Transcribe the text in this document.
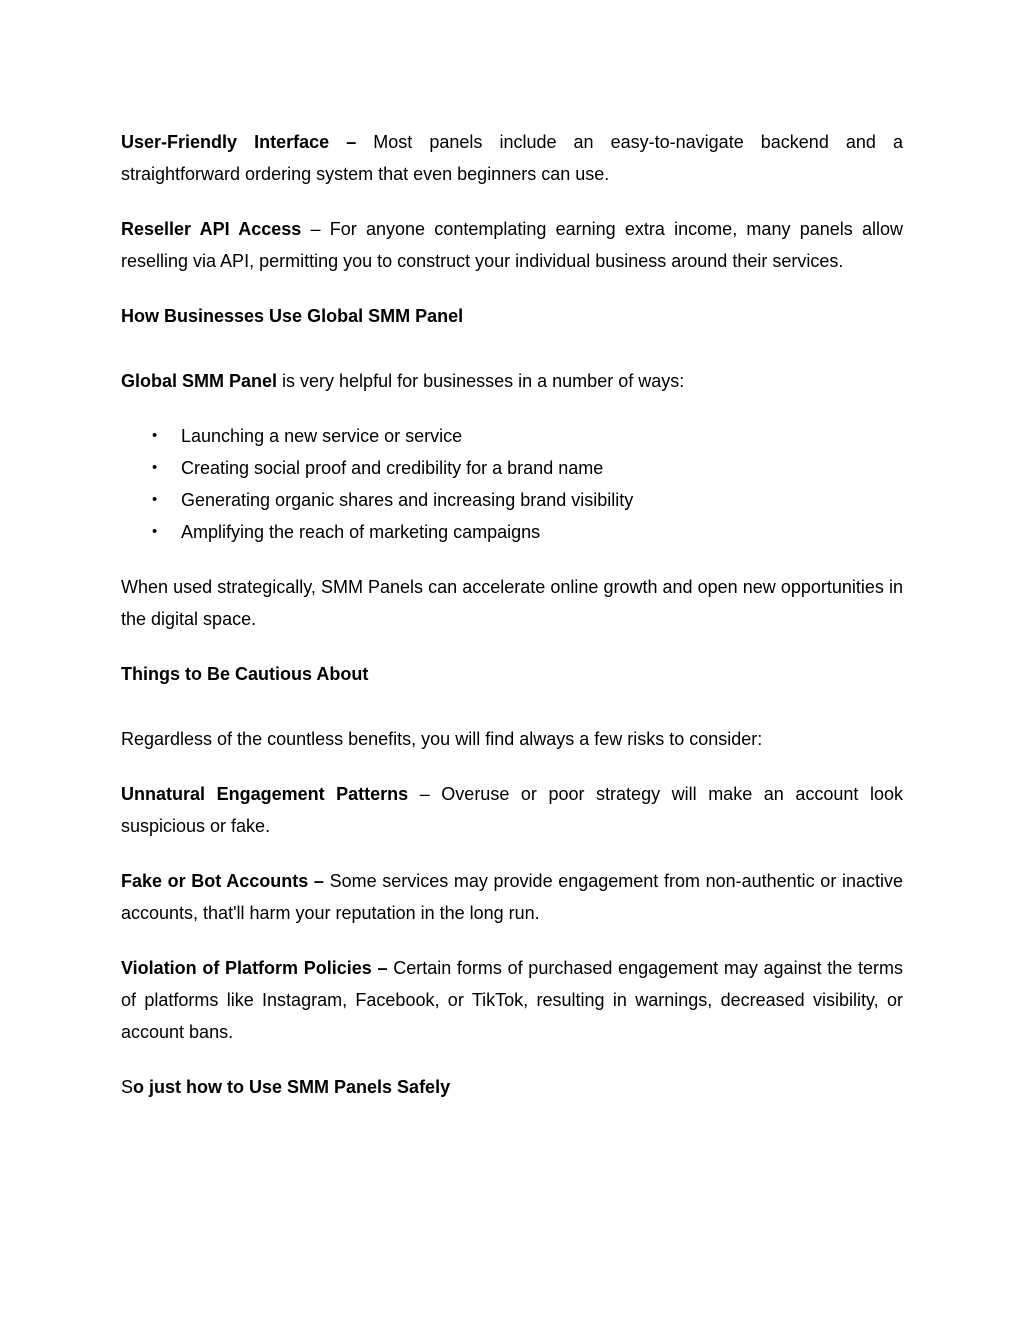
User-Friendly Interface – Most panels include an easy-to-navigate backend and a straightforward ordering system that even beginners can use.

Reseller API Access – For anyone contemplating earning extra income, many panels allow reselling via API, permitting you to construct your individual business around their services.

How Businesses Use Global SMM Panel

Global SMM Panel is very helpful for businesses in a number of ways:

• Launching a new service or service
• Creating social proof and credibility for a brand name
• Generating organic shares and increasing brand visibility
• Amplifying the reach of marketing campaigns

When used strategically, SMM Panels can accelerate online growth and open new opportunities in the digital space.

Things to Be Cautious About

Regardless of the countless benefits, you will find always a few risks to consider:

Unnatural Engagement Patterns – Overuse or poor strategy will make an account look suspicious or fake.

Fake or Bot Accounts – Some services may provide engagement from non-authentic or inactive accounts, that'll harm your reputation in the long run.

Violation of Platform Policies – Certain forms of purchased engagement may against the terms of platforms like Instagram, Facebook, or TikTok, resulting in warnings, decreased visibility, or account bans.

So just how to Use SMM Panels Safely
